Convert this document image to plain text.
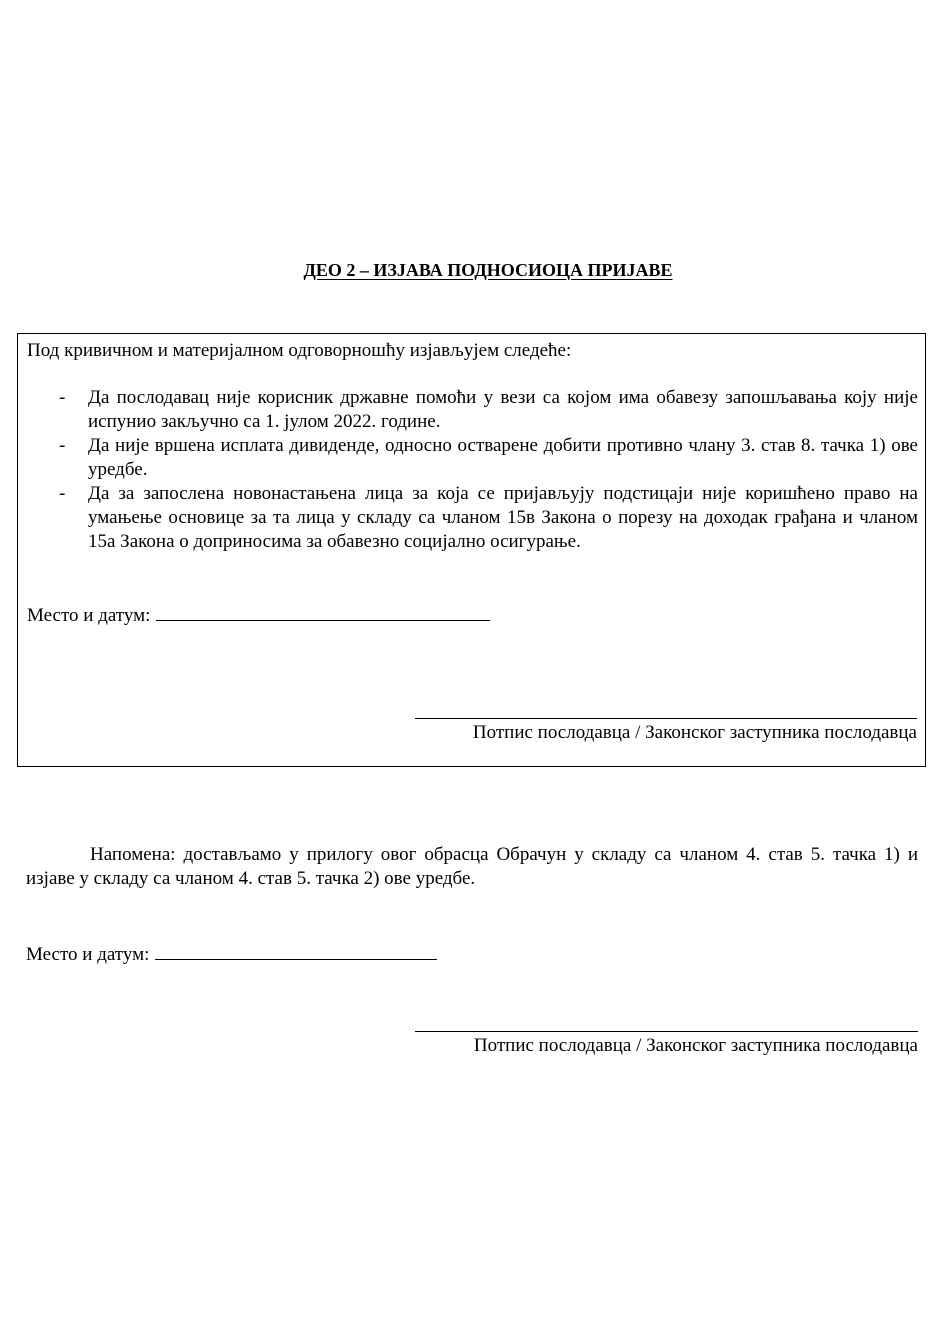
ДЕО 2 – ИЗЈАВА ПОДНОСИОЦА ПРИЈАВЕ
Под кривичном и материјалном одговорношћу изјављујем следеће:
- Да послодавац није корисник државне помоћи у вези са којом има обавезу запошљавања коју није испунио закључно са 1. јулом 2022. године.
- Да није вршена исплата дивиденде, односно остварене добити противно члану 3. став 8. тачка 1) ове уредбе.
- Да за запослена новонастањена лица за која се пријављују подстицаји није коришћено право на умањење основице за та лица у складу са чланом 15в Закона о порезу на доходак грађана и чланом 15а Закона о доприносима за обавезно социјално осигурање.
Место и датум:
Потпис послодавца / Законског заступника послодавца
Напомена: достављамо у прилогу овог обрасца Обрачун у складу са чланом 4. став 5. тачка 1) и изјаве у складу са чланом 4. став 5. тачка 2) ове уредбе.
Место и датум:
Потпис послодавца / Законског заступника послодавца
